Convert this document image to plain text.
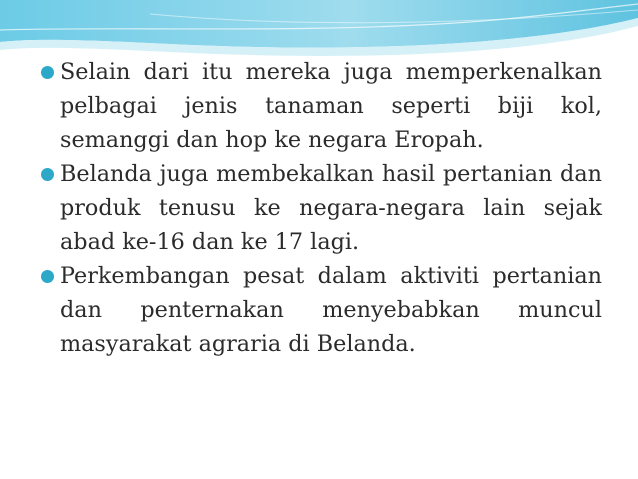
Selain dari itu mereka juga memperkenalkan pelbagai jenis tanaman seperti biji kol, semanggi dan hop ke negara Eropah.
Belanda juga membekalkan hasil pertanian dan produk tenusu ke negara-negara lain sejak abad ke-16 dan ke 17 lagi.
Perkembangan pesat dalam aktiviti pertanian dan penternakan menyebabkan muncul masyarakat agraria di Belanda.
